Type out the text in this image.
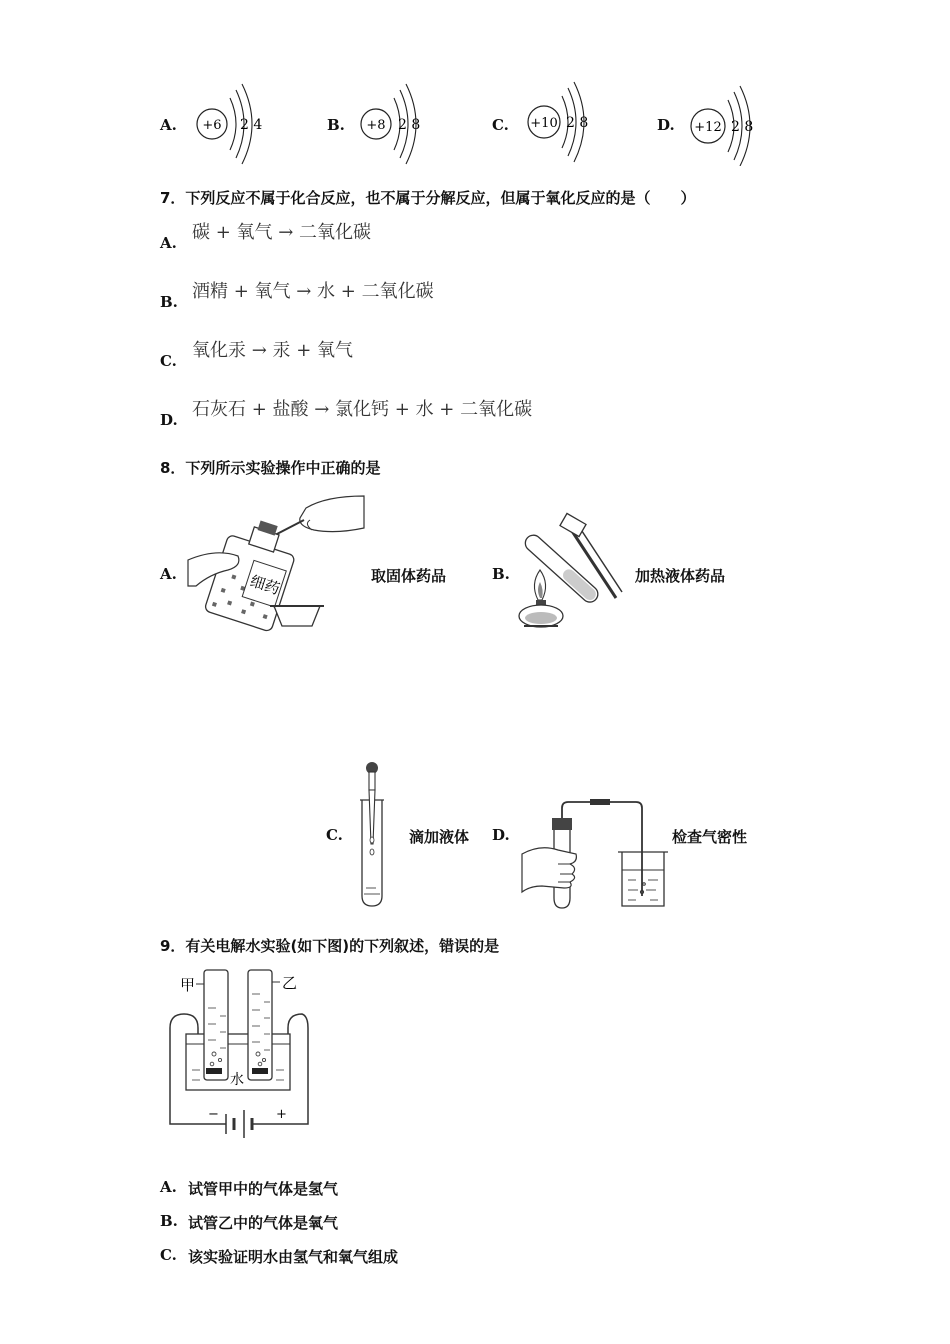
A. +6 2 4	B. +8 2 8	C. +10 2 8	D. +12 2 8
7．下列反应不属于化合反应，也不属于分解反应，但属于氧化反应的是（　　）
A. 碳 + 氧气 → 二氧化碳
B. 酒精 + 氧气 → 水 + 二氧化碳
C. 氧化汞 → 汞 + 氧气
D. 石灰石 + 盐酸 → 氯化钙 + 水 + 二氧化碳
8．下列所示实验操作中正确的是
A.	细药	取固体药品	B.	加热液体药品
C.	滴加液体 D.	检查气密性
9．有关电解水实验(如下图)的下列叙述，错误的是
甲	乙
水
−	+
A. 试管甲中的气体是氢气
B. 试管乙中的气体是氧气
C. 该实验证明水由氢气和氧气组成
